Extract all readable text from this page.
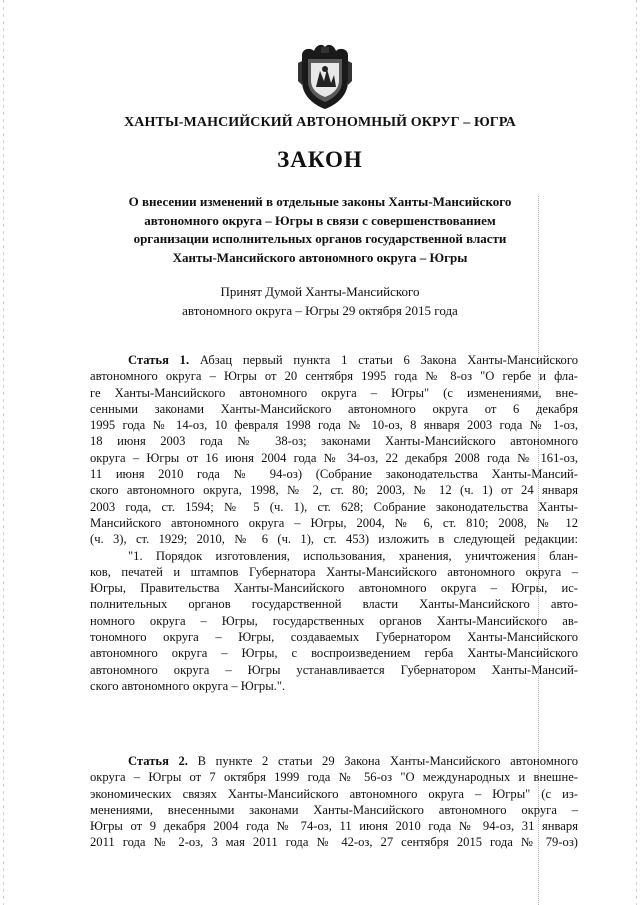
ХАНТЫ-МАНСИЙСКИЙ АВТОНОМНЫЙ ОКРУГ – ЮГРА
ЗАКОН
О внесении изменений в отдельные законы Ханты-Мансийского
автономного округа – Югры в связи с совершенствованием
организации исполнительных органов государственной власти
Ханты-Мансийского автономного округа – Югры
Принят Думой Ханты-Мансийского
автономного округа – Югры 29 октября 2015 года
Статья 1. Абзац первый пункта 1 статьи 6 Закона Ханты-Мансийского
автономного округа – Югры от 20 сентября 1995 года № 8-оз "О гербе и фла-
ге Ханты-Мансийского автономного округа – Югры" (с изменениями, вне-
сенными законами Ханты-Мансийского автономного округа от 6 декабря
1995 года № 14-оз, 10 февраля 1998 года № 10-оз, 8 января 2003 года № 1-оз,
18 июня 2003 года № 38-оз; законами Ханты-Мансийского автономного
округа – Югры от 16 июня 2004 года № 34-оз, 22 декабря 2008 года № 161-оз,
11 июня 2010 года № 94-оз) (Собрание законодательства Ханты-Мансий-
ского автономного округа, 1998, № 2, ст. 80; 2003, № 12 (ч. 1) от 24 января
2003 года, ст. 1594; № 5 (ч. 1), ст. 628; Собрание законодательства Ханты-
Мансийского автономного округа – Югры, 2004, № 6, ст. 810; 2008, № 12
(ч. 3), ст. 1929; 2010, № 6 (ч. 1), ст. 453) изложить в следующей редакции:
"1. Порядок изготовления, использования, хранения, уничтожения блан-
ков, печатей и штампов Губернатора Ханты-Мансийского автономного округа –
Югры, Правительства Ханты-Мансийского автономного округа – Югры, ис-
полнительных органов государственной власти Ханты-Мансийского авто-
номного округа – Югры, государственных органов Ханты-Мансийского ав-
тономного округа – Югры, создаваемых Губернатором Ханты-Мансийского
автономного округа – Югры, с воспроизведением герба Ханты-Мансийского
автономного округа – Югры устанавливается Губернатором Ханты-Мансий-
ского автономного округа – Югры.".
Статья 2. В пункте 2 статьи 29 Закона Ханты-Мансийского автономного
округа – Югры от 7 октября 1999 года № 56-оз "О международных и внешне-
экономических связях Ханты-Мансийского автономного округа – Югры" (с из-
менениями, внесенными законами Ханты-Мансийского автономного округа –
Югры от 9 декабря 2004 года № 74-оз, 11 июня 2010 года № 94-оз, 31 января
2011 года № 2-оз, 3 мая 2011 года № 42-оз, 27 сентября 2015 года № 79-оз)
